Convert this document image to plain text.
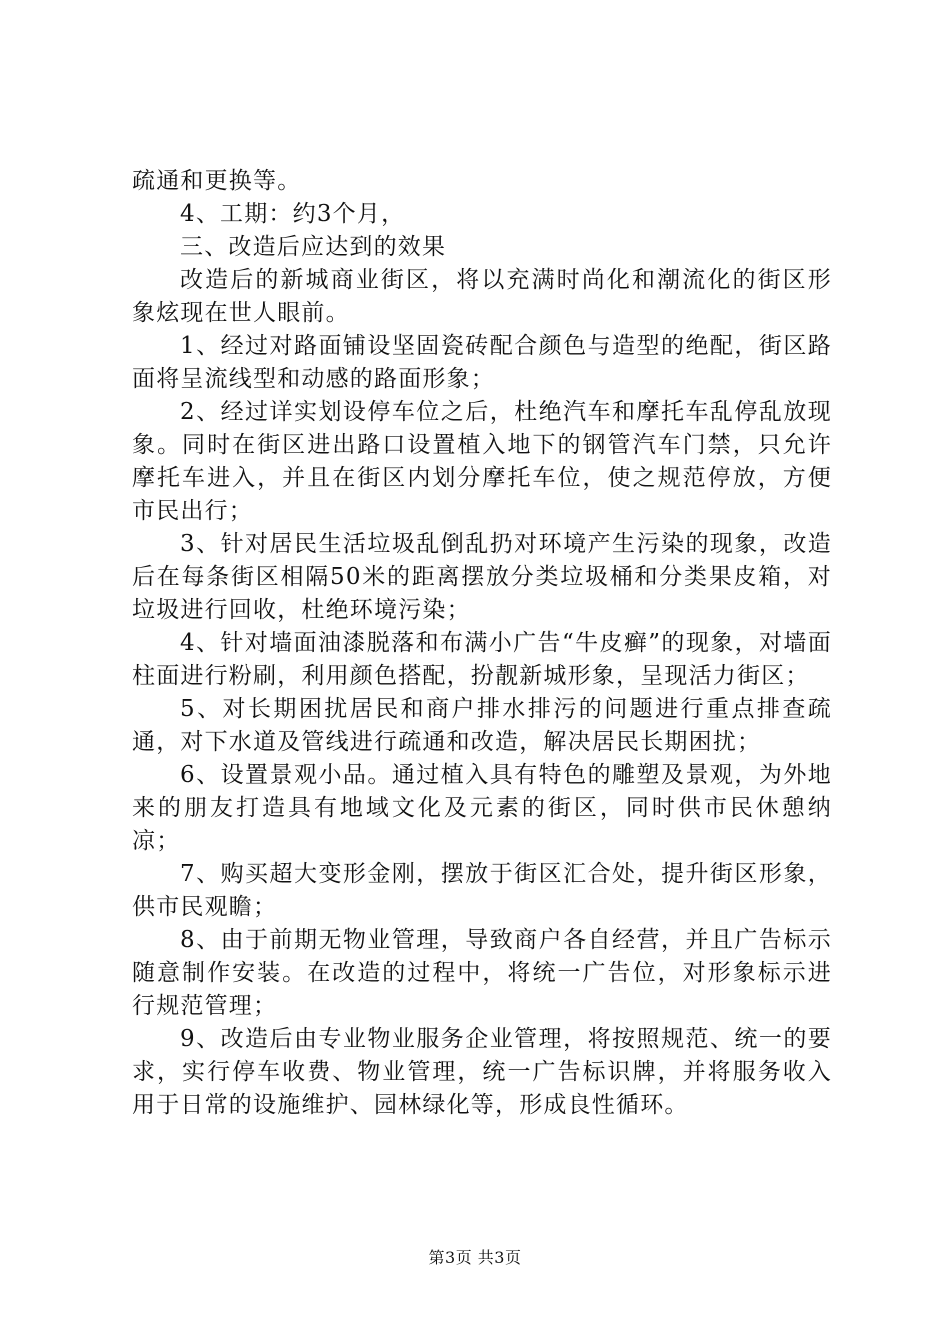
疏通和更换等。

4、工期：约3个月，

三、改造后应达到的效果

改造后的新城商业街区，将以充满时尚化和潮流化的街区形象炫现在世人眼前。

1、经过对路面铺设坚固瓷砖配合颜色与造型的绝配，街区路面将呈流线型和动感的路面形象；

2、经过详实划设停车位之后，杜绝汽车和摩托车乱停乱放现象。同时在街区进出路口设置植入地下的钢管汽车门禁，只允许摩托车进入，并且在街区内划分摩托车位，使之规范停放，方便市民出行；

3、针对居民生活垃圾乱倒乱扔对环境产生污染的现象，改造后在每条街区相隔50米的距离摆放分类垃圾桶和分类果皮箱，对垃圾进行回收，杜绝环境污染；

4、针对墙面油漆脱落和布满小广告“牛皮癣”的现象，对墙面柱面进行粉刷，利用颜色搭配，扮靓新城形象，呈现活力街区；

5、对长期困扰居民和商户排水排污的问题进行重点排查疏通，对下水道及管线进行疏通和改造，解决居民长期困扰；

6、设置景观小品。通过植入具有特色的雕塑及景观，为外地来的朋友打造具有地域文化及元素的街区，同时供市民休憩纳凉；

7、购买超大变形金刚，摆放于街区汇合处，提升街区形象，供市民观瞻；

8、由于前期无物业管理，导致商户各自经营，并且广告标示随意制作安装。在改造的过程中，将统一广告位，对形象标示进行规范管理；

9、改造后由专业物业服务企业管理，将按照规范、统一的要求，实行停车收费、物业管理，统一广告标识牌，并将服务收入用于日常的设施维护、园林绿化等，形成良性循环。

第3页 共3页
